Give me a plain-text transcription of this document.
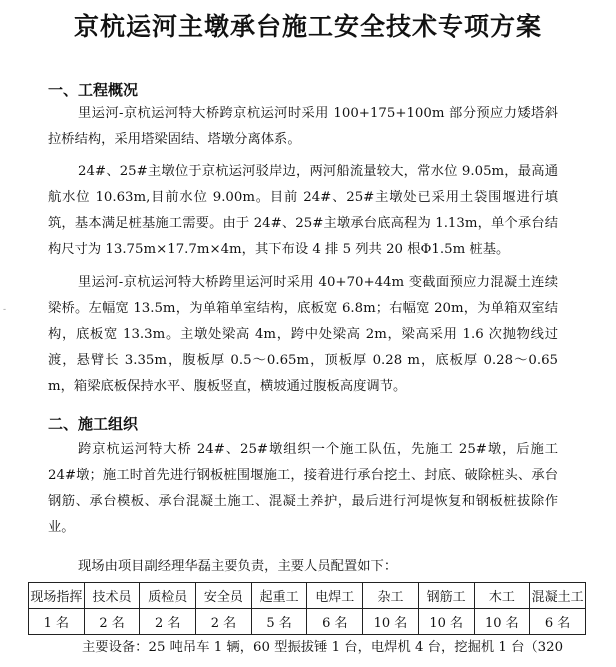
京杭运河主墩承台施工安全技术专项方案
一、工程概况

里运河-京杭运河特大桥跨京杭运河时采用 100+175+100m 部分预应力矮塔斜拉桥结构，采用塔梁固结、塔墩分离体系。

24#、25#主墩位于京杭运河驳岸边，两河船流量较大，常水位 9.05m，最高通航水位 10.63m,目前水位 9.00m。目前 24#、25#主墩处已采用土袋围堰进行填筑，基本满足桩基施工需要。由于 24#、25#主墩承台底高程为 1.13m，单个承台结构尺寸为 13.75m×17.7m×4m，其下布设 4 排 5 列共 20 根Φ1.5m 桩基。

里运河-京杭运河特大桥跨里运河时采用 40+70+44m 变截面预应力混凝土连续梁桥。左幅宽 13.5m，为单箱单室结构，底板宽 6.8m；右幅宽 20m，为单箱双室结构，底板宽 13.3m。主墩处梁高 4m，跨中处梁高 2m，梁高采用 1.6 次抛物线过渡，悬臂长 3.35m，腹板厚 0.5～0.65m，顶板厚 0.28 m，底板厚 0.28～0.65 m，箱梁底板保持水平、腹板竖直，横坡通过腹板高度调节。

-
二、施工组织

跨京杭运河特大桥 24#、25#墩组织一个施工队伍，先施工 25#墩，后施工 24#墩；施工时首先进行钢板桩围堰施工，接着进行承台挖土、封底、破除桩头、承台钢筋、承台模板、承台混凝土施工、混凝土养护，最后进行河堤恢复和钢板桩拔除作业。

现场由项目副经理华磊主要负责，主要人员配置如下：
现场指挥	技术员	质检员	安全员	起重工	电焊工	杂工	钢筋工	木工	混凝土工
1 名	2 名	2 名	2 名	5 名	6 名	10 名	10 名	10 名	6 名
主要设备：25 吨吊车 1 辆，60 型振拔锤 1 台，电焊机 4 台，挖掘机 1 台（320
